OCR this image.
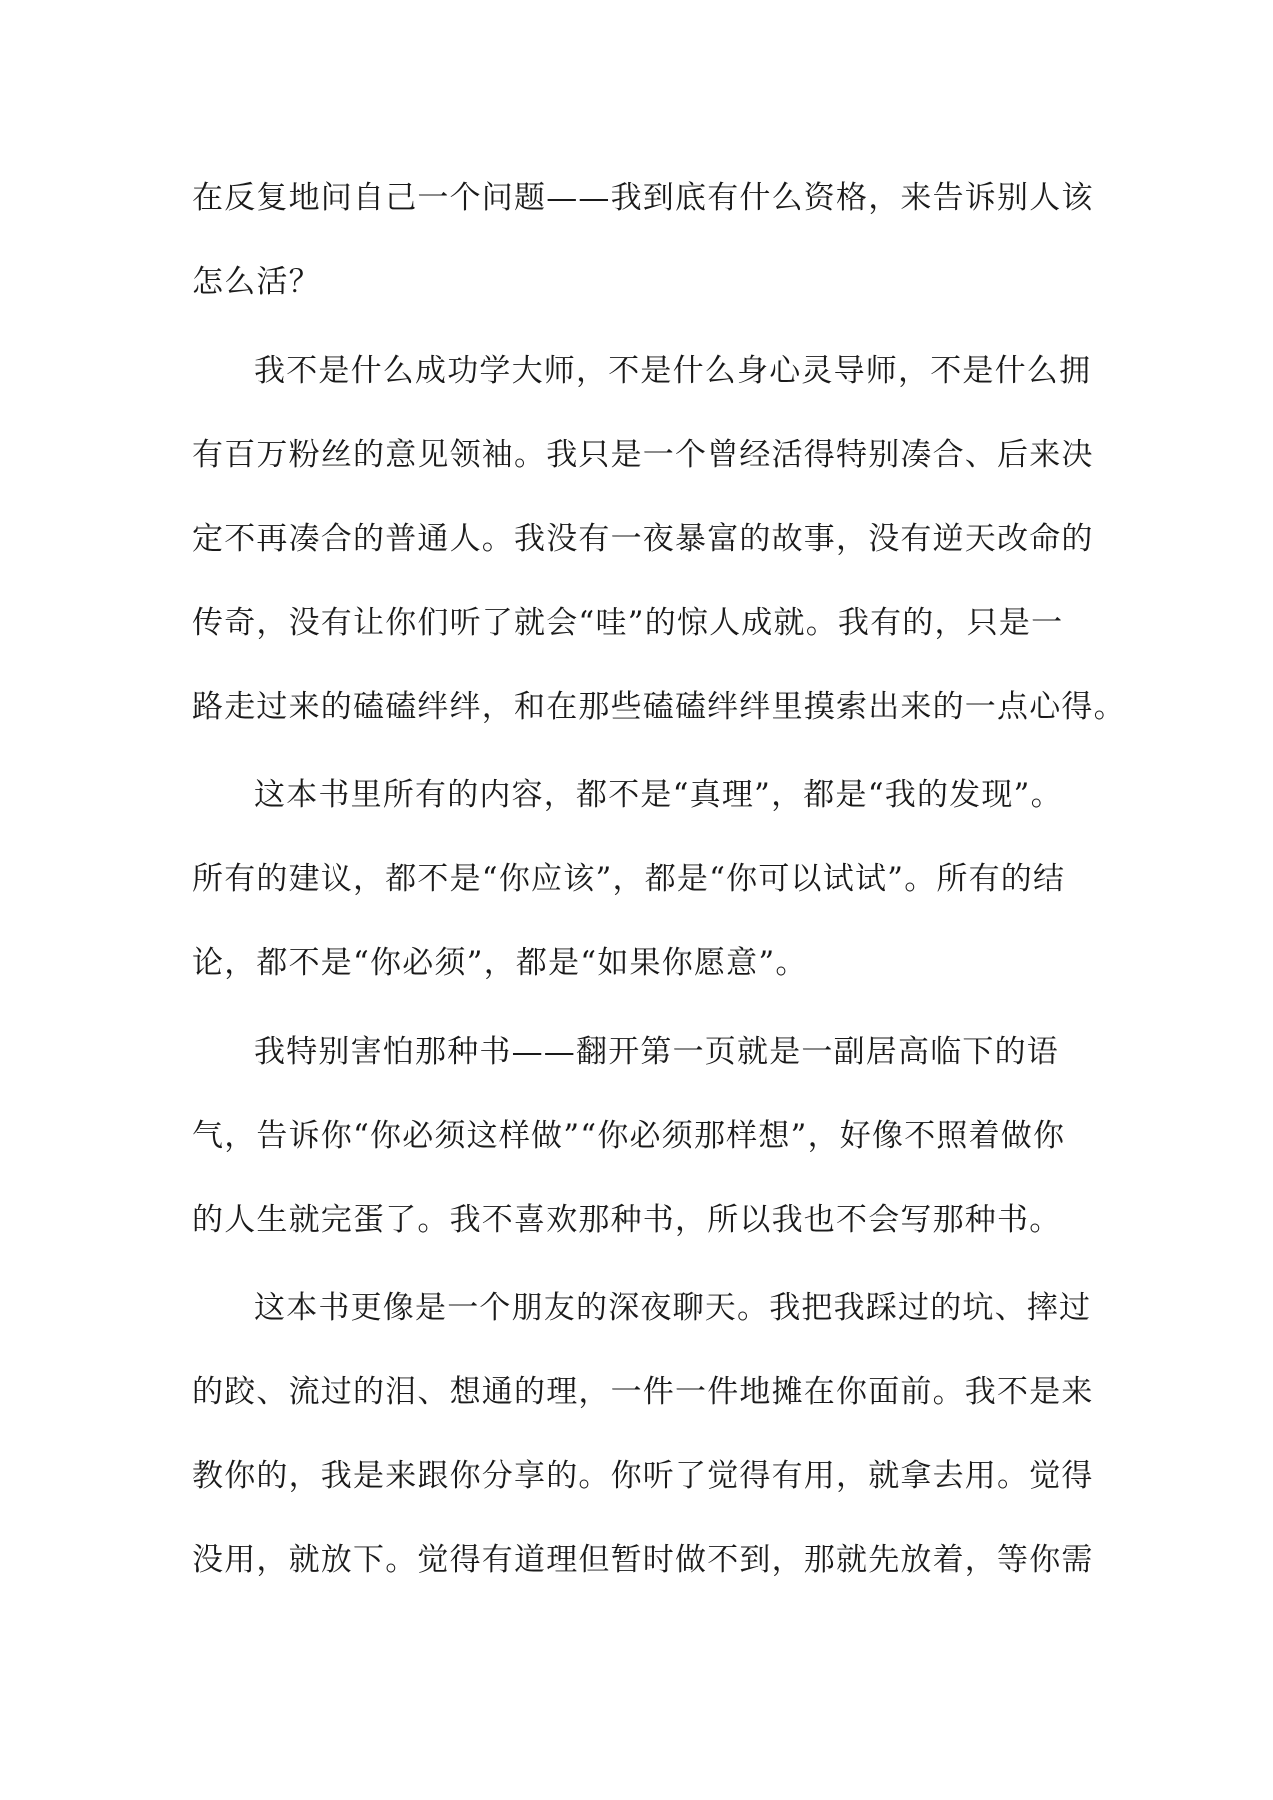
在反复地问自己一个问题——我到底有什么资格，来告诉别人该
怎么活？
我不是什么成功学大师，不是什么身心灵导师，不是什么拥
有百万粉丝的意见领袖。我只是一个曾经活得特别凑合、后来决
定不再凑合的普通人。我没有一夜暴富的故事，没有逆天改命的
传奇，没有让你们听了就会“哇”的惊人成就。我有的，只是一
路走过来的磕磕绊绊，和在那些磕磕绊绊里摸索出来的一点心得。
这本书里所有的内容，都不是“真理”，都是“我的发现”。
所有的建议，都不是“你应该”，都是“你可以试试”。所有的结
论，都不是“你必须”，都是“如果你愿意”。
我特别害怕那种书——翻开第一页就是一副居高临下的语
气，告诉你“你必须这样做”“你必须那样想”，好像不照着做你
的人生就完蛋了。我不喜欢那种书，所以我也不会写那种书。
这本书更像是一个朋友的深夜聊天。我把我踩过的坑、摔过
的跤、流过的泪、想通的理，一件一件地摊在你面前。我不是来
教你的，我是来跟你分享的。你听了觉得有用，就拿去用。觉得
没用，就放下。觉得有道理但暂时做不到，那就先放着，等你需
